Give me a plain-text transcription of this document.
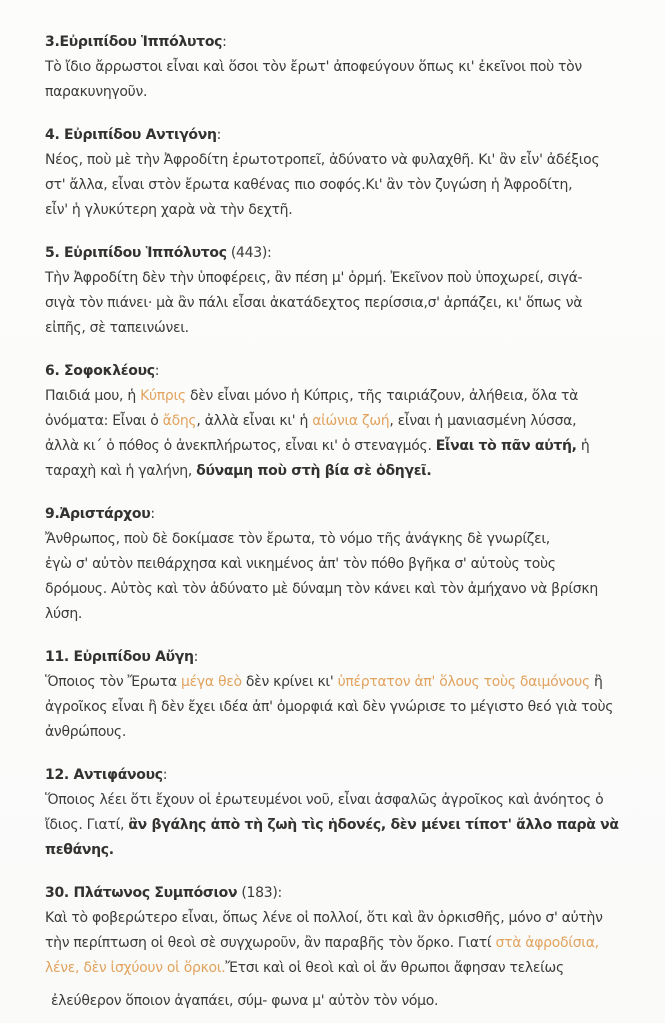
3.Εὐριπίδου Ἱππόλυτος:
Τὸ ἴδιο ἄρρωστοι εἶναι καὶ ὅσοι τὸν ἔρωτ' ἀποφεύγουν ὅπως κι' ἐκεῖνοι ποὺ τὸν
παρακυνηγοῦν.
4. Εὐριπίδου Αντιγόνη:
Νέος, ποὺ μὲ τὴν Ἀφροδίτη ἐρωτοτροπεῖ, ἀδύνατο νὰ φυλαχθῆ. Κι' ἂν εἶν' ἀδέξιος
στ' ἄλλα, εἶναι στὸν ἔρωτα καθένας πιο σοφός.Κι' ἂν τὸν ζυγώση ἡ Ἀφροδίτη,
εἶν' ἡ γλυκύτερη χαρὰ νὰ τὴν δεχτῆ.
5. Εὐριπίδου Ἱππόλυτος (443):
Τὴν Ἀφροδίτη δὲν τὴν ὑποφέρεις, ἂν πέση μ' ὁρμή. Ἐκεῖνον ποὺ ὑποχωρεί, σιγά-
σιγὰ τὸν πιάνει· μὰ ἂν πάλι εἶσαι ἀκατάδεχτος περίσσια,σ' ἀρπάζει, κι' ὅπως νὰ
εἰπῆς, σὲ ταπεινώνει.
6. Σοφοκλέους:
Παιδιά μου, ἡ Κύπρις δὲν εἶναι μόνο ἡ Κύπρις, τῆς ταιριάζουν, ἀλήθεια, ὅλα τὰ
ὀνόματα: Εἶναι ὁ ἄδης, ἀλλὰ εἶναι κι' ἡ αἰώνια ζωή, εἶναι ἡ μανιασμένη λύσσα,
ἀλλὰ κι΄ ὁ πόθος ὁ ἀνεκπλήρωτος, εἶναι κι' ὁ στεναγμός. Εἶναι τὸ πᾶν αὐτή, ἡ
ταραχὴ καὶ ἡ γαλήνη, δύναμη ποὺ στὴ βία σὲ ὁδηγεῖ.
9.Ἀριστάρχου:
Ἄνθρωπος, ποὺ δὲ δοκίμασε τὸν ἔρωτα, τὸ νόμο τῆς ἀνάγκης δὲ γνωρίζει,
ἐγὼ σ' αὐτὸν πειθάρχησα καὶ νικημένος ἀπ' τὸν πόθο βγῆκα σ' αὐτοὺς τοὺς
δρόμους. Αὐτὸς καὶ τὸν ἀδύνατο μὲ δύναμη τὸν κάνει καὶ τὸν ἀμήχανο νὰ βρίσκη
λύση.
11. Εὐριπίδου Αὔγη:
Ὅποιος τὸν Ἔρωτα μέγα θεὸ δὲν κρίνει κι' ὑπέρτατον ἀπ' ὅλους τοὺς δαιμόνους ἢ
ἀγροῖκος εἶναι ἢ δὲν ἔχει ιδέα ἀπ' ὀμορφιά καὶ δὲν γνώρισε το μέγιστο θεό γιὰ τοὺς
ἀνθρώπους.
12. Αντιφάνους:
Ὅποιος λέει ὅτι ἔχουν οἱ ἐρωτευμένοι νοῦ, εἶναι ἀσφαλῶς ἀγροῖκος καὶ ἀνόητος ὁ
ἴδιος. Γιατί, ἂν βγάλης ἀπὸ τὴ ζωὴ τὶς ἡδονές, δὲν μένει τίποτ' ἄλλο παρὰ νὰ
πεθάνης.
30. Πλάτωνος Συμπόσιον (183):
Καὶ τὸ φοβερώτερο εἶναι, ὅπως λένε οἱ πολλοί, ὅτι καὶ ἂν ὁρκισθῆς, μόνο σ' αὐτὴν
τὴν περίπτωση οἱ θεοὶ σὲ συγχωροῦν, ἂν παραβῆς τὸν ὅρκο. Γιατί στὰ ἀφροδίσια,
λένε, δὲν ἰσχύουν οἱ ὅρκοι.Ἔτσι καὶ οἱ θεοὶ καὶ οἱ ἄν θρωποι ἄφησαν τελείως
ἐλεύθερον ὅποιον ἀγαπάει, σύμ- φωνα μ' αὐτὸν τὸν νόμο.
